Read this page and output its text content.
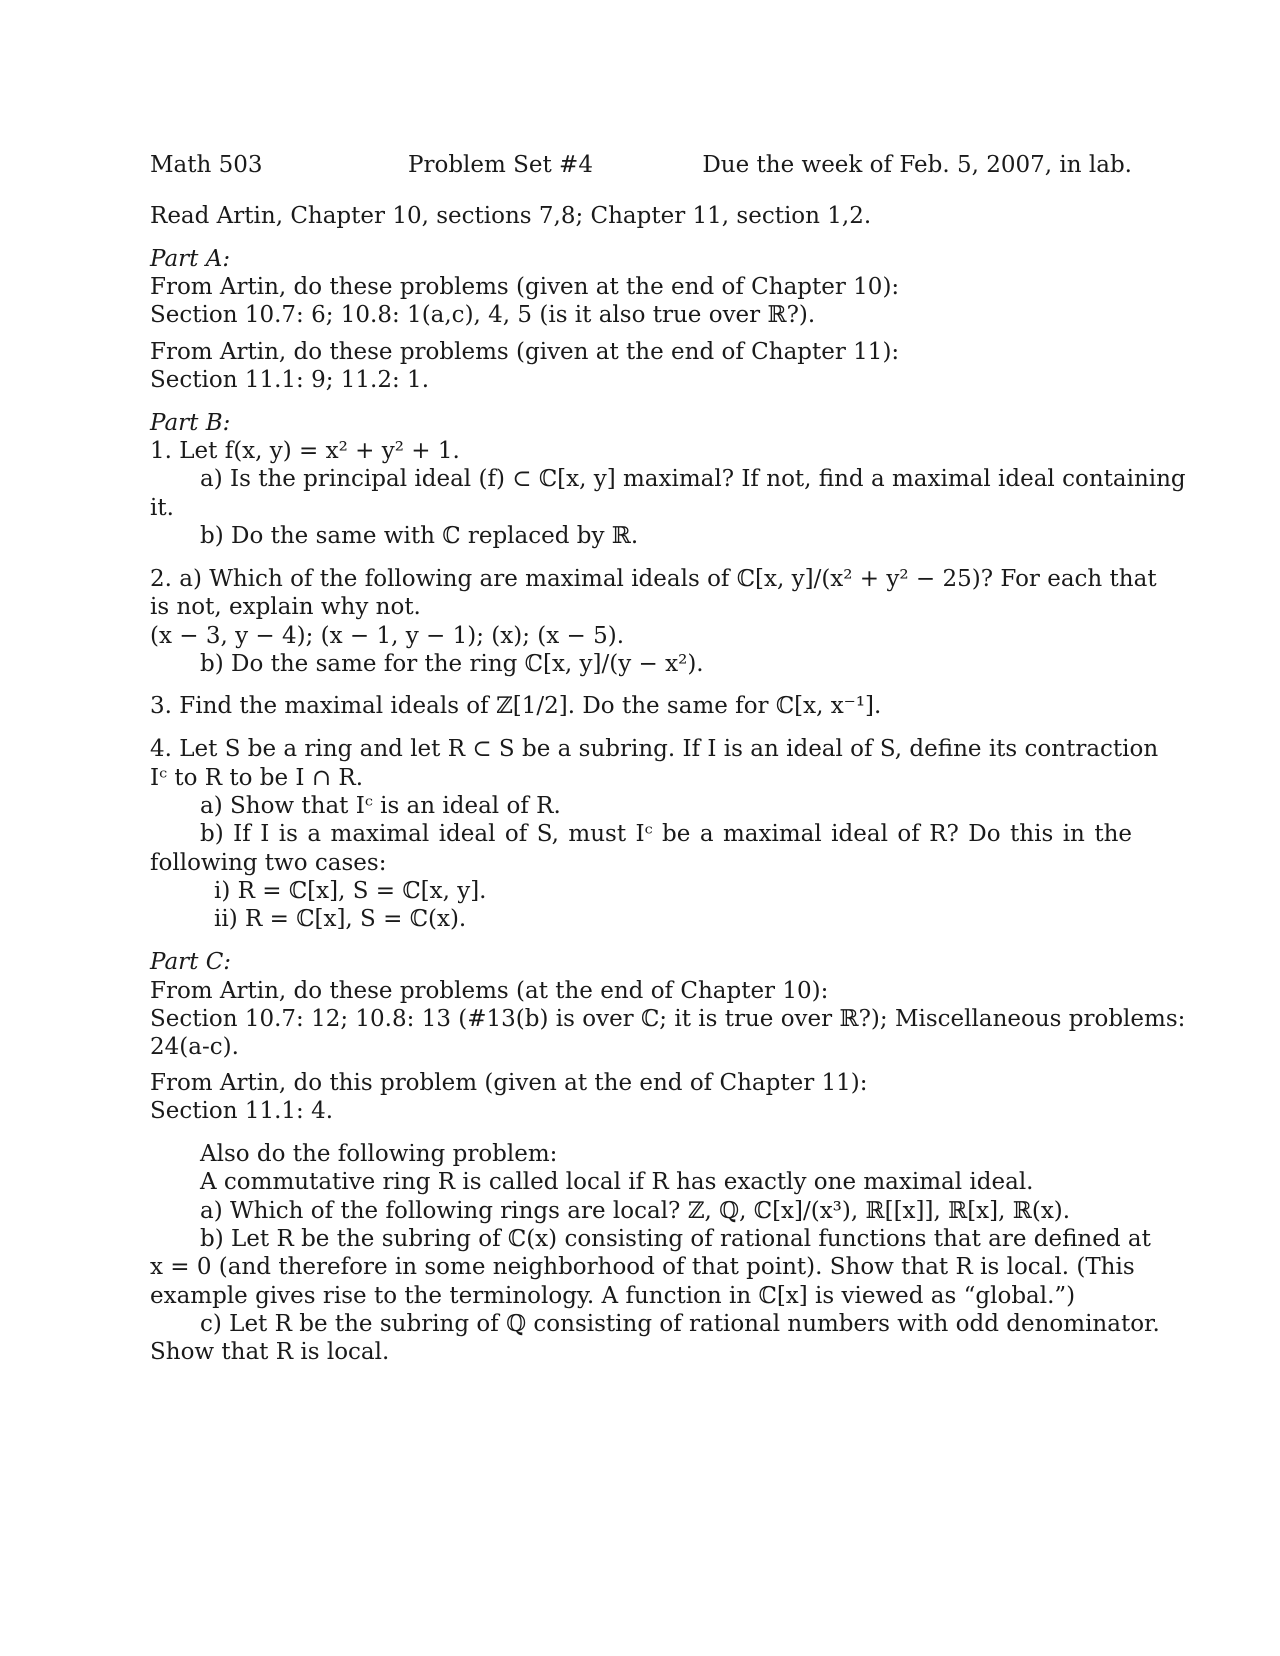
Math 503	Problem Set #4	Due the week of Feb. 5, 2007, in lab.
Read Artin, Chapter 10, sections 7,8; Chapter 11, section 1,2.
Part A:
From Artin, do these problems (given at the end of Chapter 10):
Section 10.7: 6; 10.8: 1(a,c), 4, 5 (is it also true over ℝ?).
From Artin, do these problems (given at the end of Chapter 11):
Section 11.1: 9; 11.2: 1.
Part B:
1. Let f(x, y) = x² + y² + 1.
a) Is the principal ideal (f) ⊂ ℂ[x, y] maximal? If not, find a maximal ideal containing
it.
b) Do the same with ℂ replaced by ℝ.
2. a) Which of the following are maximal ideals of ℂ[x, y]/(x² + y² − 25)? For each that
is not, explain why not.
(x − 3, y − 4); (x − 1, y − 1); (x); (x − 5).
b) Do the same for the ring ℂ[x, y]/(y − x²).
3. Find the maximal ideals of ℤ[1/2]. Do the same for ℂ[x, x⁻¹].
4. Let S be a ring and let R ⊂ S be a subring. If I is an ideal of S, define its contraction
Iᶜ to R to be I ∩ R.
a) Show that Iᶜ is an ideal of R.
b) If I is a maximal ideal of S, must Iᶜ be a maximal ideal of R? Do this in the
following two cases:
i) R = ℂ[x], S = ℂ[x, y].
ii) R = ℂ[x], S = ℂ(x).
Part C:
From Artin, do these problems (at the end of Chapter 10):
Section 10.7: 12; 10.8: 13 (#13(b) is over ℂ; it is true over ℝ?); Miscellaneous problems:
24(a-c).
From Artin, do this problem (given at the end of Chapter 11):
Section 11.1: 4.
Also do the following problem:
A commutative ring R is called local if R has exactly one maximal ideal.
a) Which of the following rings are local? ℤ, ℚ, ℂ[x]/(x³), ℝ[[x]], ℝ[x], ℝ(x).
b) Let R be the subring of ℂ(x) consisting of rational functions that are defined at
x = 0 (and therefore in some neighborhood of that point). Show that R is local. (This
example gives rise to the terminology. A function in ℂ[x] is viewed as “global.”)
c) Let R be the subring of ℚ consisting of rational numbers with odd denominator.
Show that R is local.
